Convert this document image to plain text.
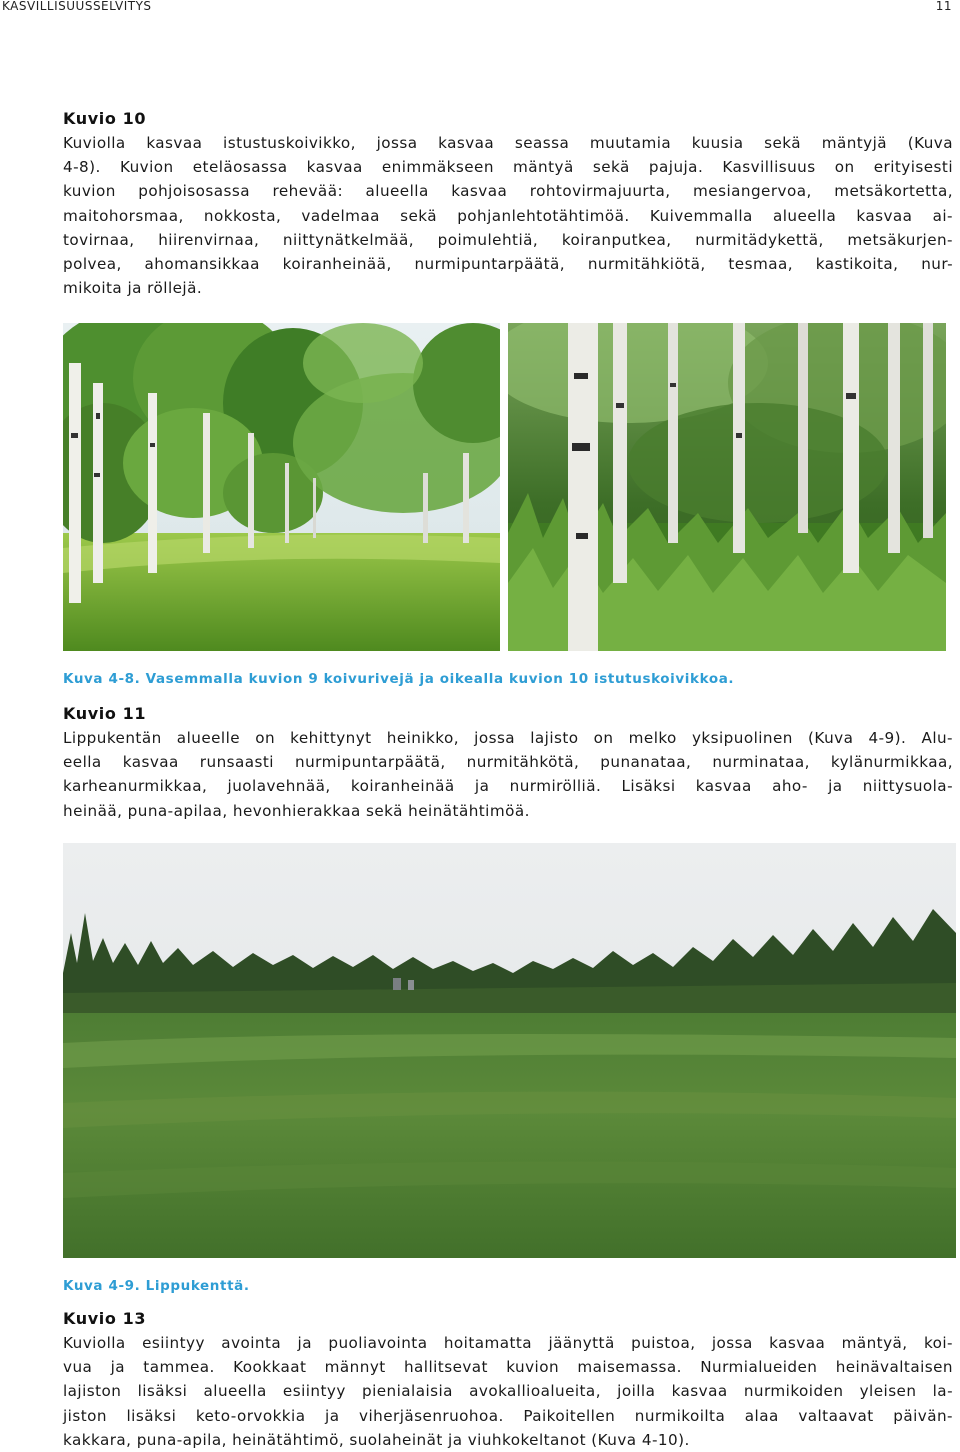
KASVILLISUUSSELVITYS	11
Kuvio 10
Kuviolla kasvaa istustuskoivikko, jossa kasvaa seassa muutamia kuusia sekä mäntyjä (Kuva
4-8). Kuvion eteläosassa kasvaa enimmäkseen mäntyä sekä pajuja. Kasvillisuus on erityisesti
kuvion pohjoisosassa rehevää: alueella kasvaa rohtovirmajuurta, mesiangervoa, metsäkortetta,
maitohorsmaa, nokkosta, vadelmaa sekä pohjanlehtotähtimöä. Kuivemmalla alueella kasvaa ai-
tovirnaa, hiirenvirnaa, niittynätkelmää, poimulehtiä, koiranputkea, nurmitädykettä, metsäkurjen-
polvea, ahomansikkaa koiranheinää, nurmipuntarpäätä, nurmitähkiötä, tesmaa, kastikoita, nur-
mikoita ja röllejä.
Kuva 4-8. Vasemmalla kuvion 9 koivurivejä ja oikealla kuvion 10 istutuskoivikkoa.
Kuvio 11
Lippukentän alueelle on kehittynyt heinikko, jossa lajisto on melko yksipuolinen (Kuva 4-9). Alu-
eella kasvaa runsaasti nurmipuntarpäätä, nurmitähkötä, punanataa, nurminataa, kylänurmikkaa,
karheanurmikkaa, juolavehnää, koiranheinää ja nurmirölliä. Lisäksi kasvaa aho- ja niittysuola-
heinää, puna-apilaa, hevonhierakkaa sekä heinätähtimöä.
Kuva 4-9. Lippukenttä.
Kuvio 13
Kuviolla esiintyy avointa ja puoliavointa hoitamatta jäänyttä puistoa, jossa kasvaa mäntyä, koi-
vua ja tammea. Kookkaat männyt hallitsevat kuvion maisemassa. Nurmialueiden heinävaltaisen
lajiston lisäksi alueella esiintyy pienialaisia avokallioalueita, joilla kasvaa nurmikoiden yleisen la-
jiston lisäksi keto-orvokkia ja viherjäsenruohoa. Paikoitellen nurmikoilta alaa valtaavat päivän-
kakkara, puna-apila, heinätähtimö, suolaheinät ja viuhkokeltanot (Kuva 4-10).
